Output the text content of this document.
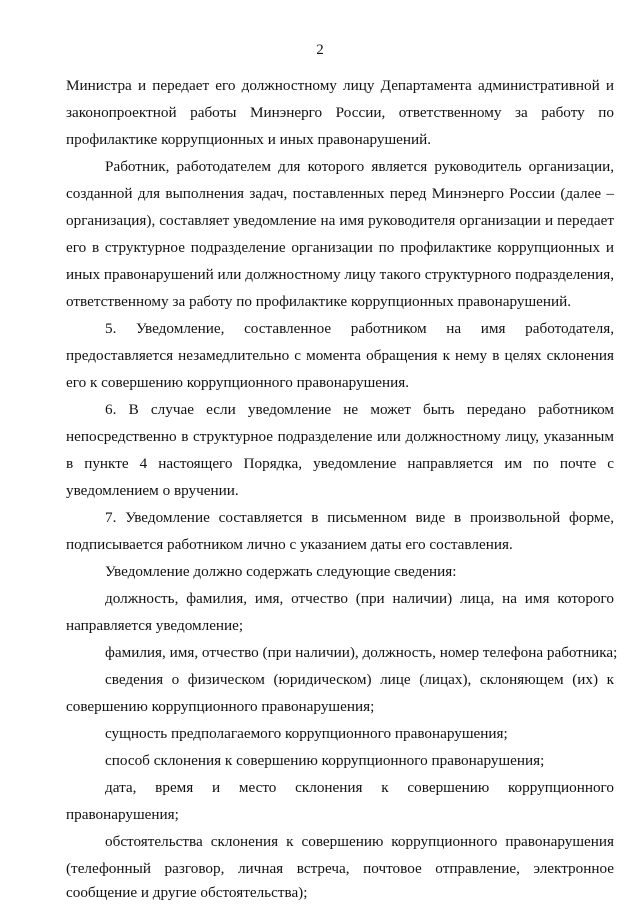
2
Министра и передает его должностному лицу Департамента административной и
законопроектной работы Минэнерго России, ответственному за работу по
профилактике коррупционных и иных правонарушений.
Работник, работодателем для которого является руководитель организации,
созданной для выполнения задач, поставленных перед Минэнерго России (далее –
организация), составляет уведомление на имя руководителя организации и передает
его в структурное подразделение организации по профилактике коррупционных и
иных правонарушений или должностному лицу такого структурного подразделения,
ответственному за работу по профилактике коррупционных правонарушений.
5. Уведомление, составленное работником на имя работодателя,
предоставляется незамедлительно с момента обращения к нему в целях склонения
его к совершению коррупционного правонарушения.
6. В случае если уведомление не может быть передано работником
непосредственно в структурное подразделение или должностному лицу, указанным
в пункте 4 настоящего Порядка, уведомление направляется им по почте с
уведомлением о вручении.
7. Уведомление составляется в письменном виде в произвольной форме,
подписывается работником лично с указанием даты его составления.
Уведомление должно содержать следующие сведения:
должность, фамилия, имя, отчество (при наличии) лица, на имя которого
направляется уведомление;
фамилия, имя, отчество (при наличии), должность, номер телефона работника;
сведения о физическом (юридическом) лице (лицах), склоняющем (их) к
совершению коррупционного правонарушения;
сущность предполагаемого коррупционного правонарушения;
способ склонения к совершению коррупционного правонарушения;
дата, время и место склонения к совершению коррупционного
правонарушения;
обстоятельства склонения к совершению коррупционного правонарушения
(телефонный разговор, личная встреча, почтовое отправление, электронное
сообщение и другие обстоятельства);
